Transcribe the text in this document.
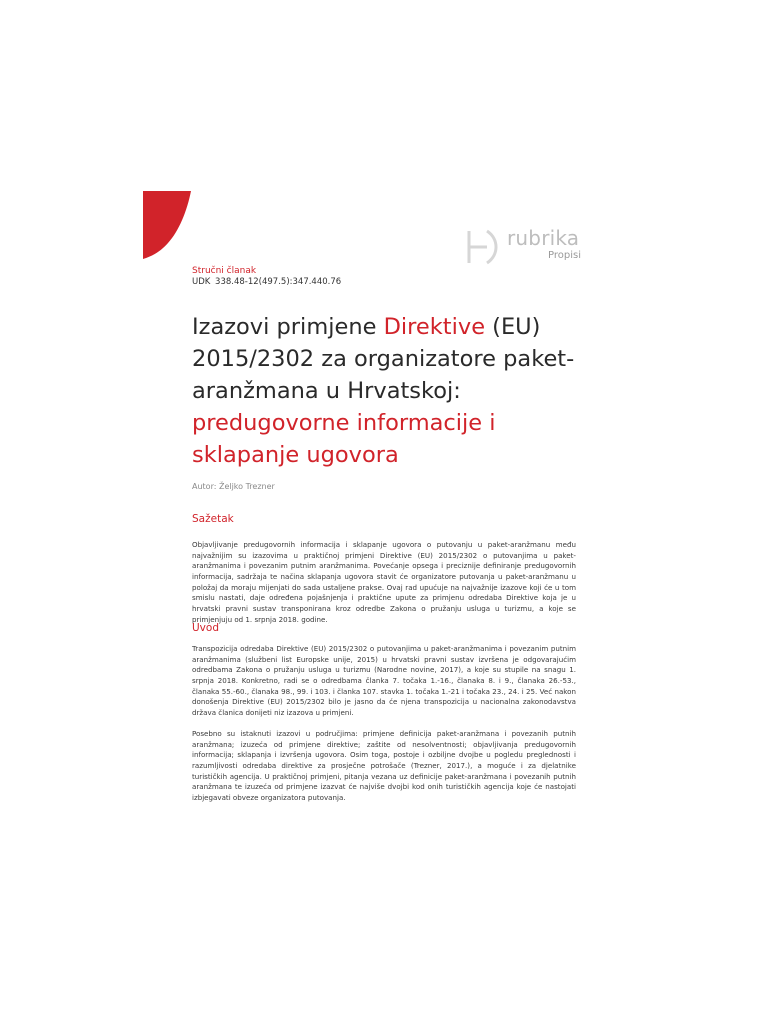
rubrika
Propisi
Stručni članak
UDK 338.48-12(497.5):347.440.76
Izazovi primjene Direktive (EU) 2015/2302 za organizatore paket-aranžmana u Hrvatskoj: predugovorne informacije i sklapanje ugovora
Autor: Željko Trezner
Sažetak

Objavljivanje predugovornih informacija i sklapanje ugovora o putovanju u paket-aranžmanu među najvažnijim su izazovima u praktičnoj primjeni Direktive (EU) 2015/2302 o putovanjima u paket-aranžmanima i povezanim putnim aranžmanima. Povećanje opsega i preciznije definiranje predugovornih informacija, sadržaja te načina sklapanja ugovora stavit će organizatore putovanja u paket-aranžmanu u položaj da moraju mijenjati do sada ustaljene prakse. Ovaj rad upućuje na najvažnije izazove koji će u tom smislu nastati, daje određena pojašnjenja i praktične upute za primjenu odredaba Direktive koja je u hrvatski pravni sustav transponirana kroz odredbe Zakona o pružanju usluga u turizmu, a koje se primjenjuju od 1. srpnja 2018. godine.

Uvod

Transpozicija odredaba Direktive (EU) 2015/2302 o putovanjima u paket-aranžmanima i povezanim putnim aranžmanima (službeni list Europske unije, 2015) u hrvatski pravni sustav izvršena je odgovarajućim odredbama Zakona o pružanju usluga u turizmu (Narodne novine, 2017), a koje su stupile na snagu 1. srpnja 2018. Konkretno, radi se o odredbama članka 7. točaka 1.-16., članaka 8. i 9., članaka 26.-53., članaka 55.-60., članaka 98., 99. i 103. i članka 107. stavka 1. točaka 1.-21 i točaka 23., 24. i 25. Već nakon donošenja Direktive (EU) 2015/2302 bilo je jasno da će njena transpozicija u nacionalna zakonodavstva država članica donijeti niz izazova u primjeni.

Posebno su istaknuti izazovi u područjima: primjene definicija paket-aranžmana i povezanih putnih aranžmana; izuzeća od primjene direktive; zaštite od nesolventnosti; objavljivanja predugovornih informacija; sklapanja i izvršenja ugovora. Osim toga, postoje i ozbiljne dvojbe u pogledu preglednosti i razumljivosti odredaba direktive za prosječne potrošače (Trezner, 2017.), a moguće i za djelatnike turističkih agencija. U praktičnoj primjeni, pitanja vezana uz definicije paket-aranžmana i povezanih putnih aranžmana te izuzeća od primjene izazvat će najviše dvojbi kod onih turističkih agencija koje će nastojati izbjegavati obveze organizatora putovanja.
